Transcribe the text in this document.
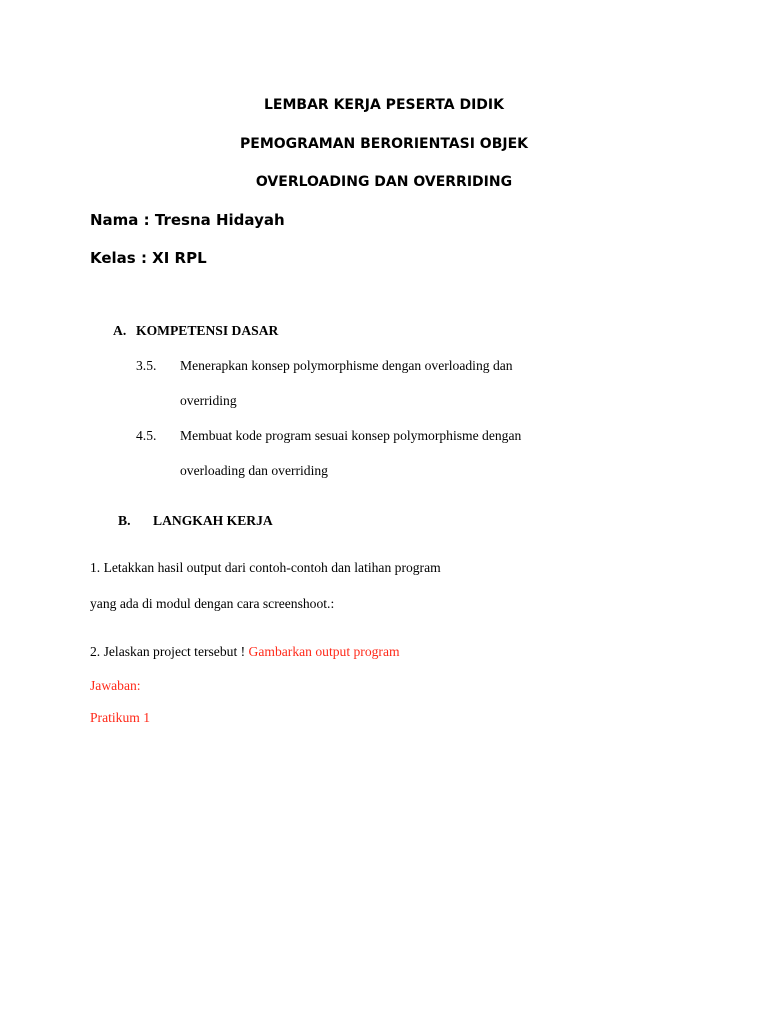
LEMBAR KERJA PESERTA DIDIK
PEMOGRAMAN BERORIENTASI OBJEK
OVERLOADING DAN OVERRIDING
Nama : Tresna Hidayah
Kelas : XI RPL
A. KOMPETENSI DASAR
3.5. Menerapkan konsep polymorphisme dengan overloading dan
overriding
4.5. Membuat kode program sesuai konsep polymorphisme dengan
overloading dan overriding
B. LANGKAH KERJA
1. Letakkan hasil output dari contoh-contoh dan latihan program
yang ada di modul dengan cara screenshoot.:
2. Jelaskan project tersebut ! Gambarkan output program
Jawaban:
Pratikum 1
